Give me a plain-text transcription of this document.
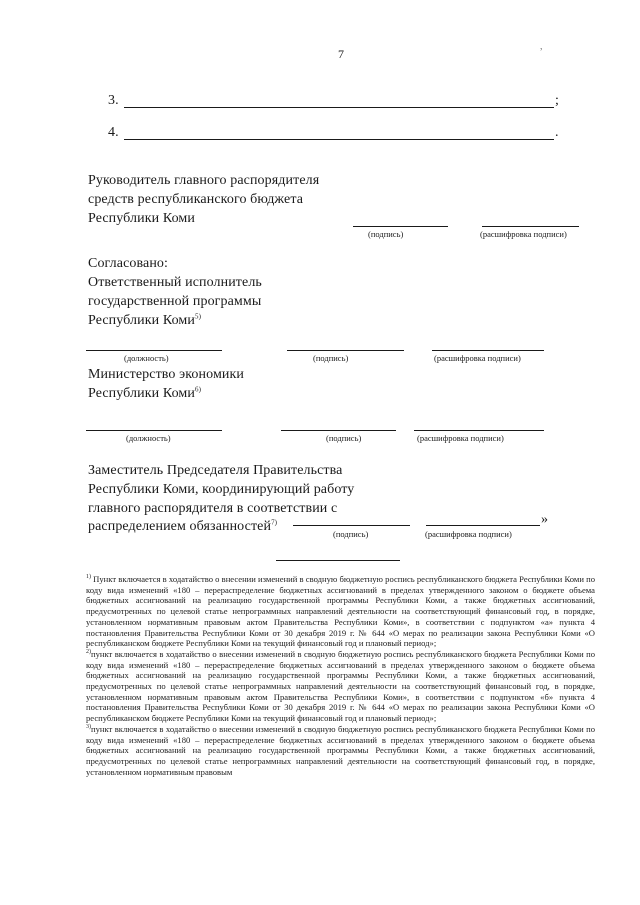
7
,
3.	;
4.	.
Руководитель главного распорядителя
средств республиканского бюджета
Республики Коми
(подпись)	(расшифровка подписи)
Согласовано:
Ответственный исполнитель
государственной программы
Республики Коми$^{5)}$
(должность)	(подпись)	(расшифровка подписи)
Министерство экономики
Республики Коми$^{6)}$
(должность)	(подпись)	(расшифровка подписи)
Заместитель Председателя Правительства
Республики Коми, координирующий работу
главного распорядителя в соответствии с
распределением обязанностей$^{7)}$	»
(подпись)	(расшифровка подписи)

$^{1)}$ Пункт включается в ходатайство о внесении изменений в сводную бюджетную роспись республиканского бюджета Республики Коми по коду вида изменений «180 – перераспределение бюджетных ассигнований в пределах утвержденного законом о бюджете объема бюджетных ассигнований на реализацию государственной программы Республики Коми, а также бюджетных ассигнований, предусмотренных по целевой статье непрограммных направлений деятельности на соответствующий финансовый год, в порядке, установленном нормативным правовым актом Правительства Республики Коми», в соответствии с подпунктом «а» пункта 4 постановления Правительства Республики Коми от 30 декабря 2019 г. № 644 «О мерах по реализации закона Республики Коми «О республиканском бюджете Республики Коми на текущий финансовый год и плановый период»;

$^{2)}$пункт включается в ходатайство о внесении изменений в сводную бюджетную роспись республиканского бюджета Республики Коми по коду вида изменений «180 – перераспределение бюджетных ассигнований в пределах утвержденного законом о бюджете объема бюджетных ассигнований на реализацию государственной программы Республики Коми, а также бюджетных ассигнований, предусмотренных по целевой статье непрограммных направлений деятельности на соответствующий финансовый год, в порядке, установленном нормативным правовым актом Правительства Республики Коми», в соответствии с подпунктом «б» пункта 4 постановления Правительства Республики Коми от 30 декабря 2019 г. № 644 «О мерах по реализации закона Республики Коми «О республиканском бюджете Республики Коми на текущий финансовый год и плановый период»;

$^{3)}$пункт включается в ходатайство о внесении изменений в сводную бюджетную роспись республиканского бюджета Республики Коми по коду вида изменений «180 – перераспределение бюджетных ассигнований в пределах утвержденного законом о бюджете объема бюджетных ассигнований на реализацию государственной программы Республики Коми, а также бюджетных ассигнований, предусмотренных по целевой статье непрограммных направлений деятельности на соответствующий финансовый год, в порядке, установленном нормативным правовым
